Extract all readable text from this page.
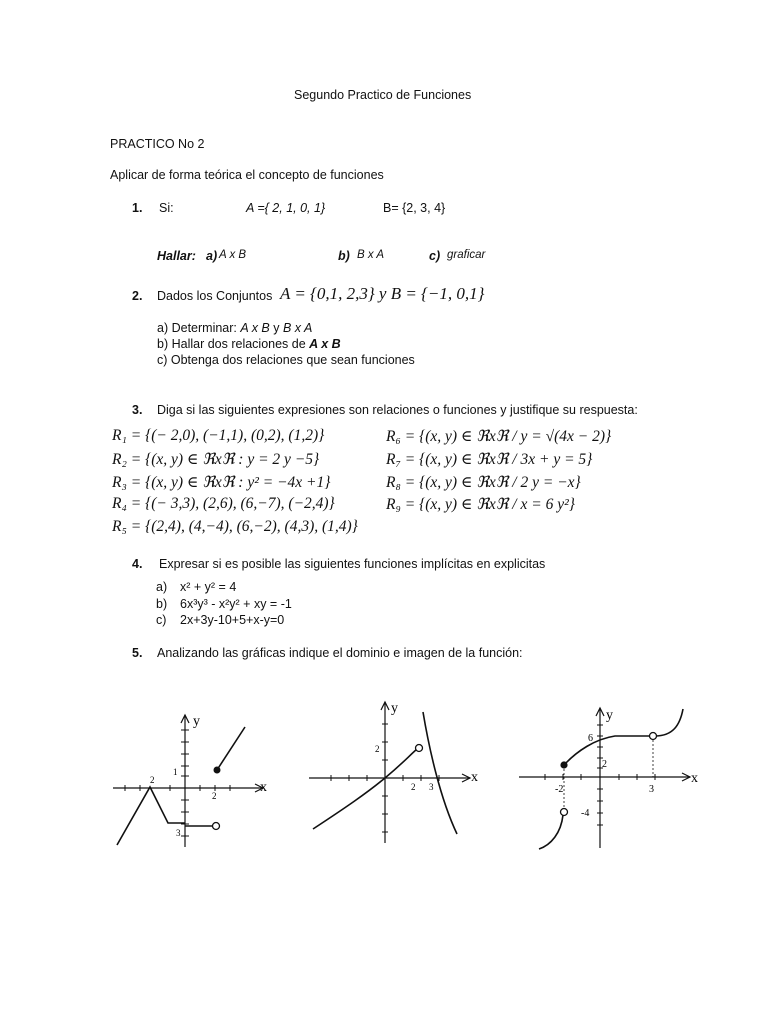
Segundo Practico de Funciones
PRACTICO No 2
Aplicar de forma teórica el concepto de funciones
1. Si:	A ={ 2, 1, 0, 1}	B= {2, 3, 4}
Hallar: a) A x B	b) B x A	c) graficar
2. Dados los Conjuntos A = {0,1, 2,3} y B = {−1, 0,1}
a) Determinar: A x B y B x A
b) Hallar dos relaciones de A x B
c) Obtenga dos relaciones que sean funciones
3. Diga si las siguientes expresiones son relaciones o funciones y justifique su respuesta:
R₁ = {(− 2,0), (−1,1), (0,2), (1,2)}
R₂ = {(x, y) ∈ ℜxℜ : y = 2 y −5}
R₃ = {(x, y) ∈ ℜxℜ : y² = −4x +1}
R₄ = {(− 3,3), (2,6), (6,−7), (−2,4)}
R₅ = {(2,4), (4,−4), (6,−2), (4,3), (1,4)}
R₆ = {(x, y) ∈ ℜxℜ / y = √(4x − 2)}
R₇ = {(x, y) ∈ ℜxℜ / 3x + y = 5}
R₈ = {(x, y) ∈ ℜxℜ / 2 y = −x}
R₉ = {(x, y) ∈ ℜxℜ / x = 6 y²}
4. Expresar si es posible las siguientes funciones implícitas en explicitas
a) x² + y² = 4
b) 6x³y³ - x²y² + xy = -1
c) 2x+3y-10+5+x-y=0
5. Analizando las gráficas indique el dominio e imagen de la función:
x
y
2
1
2
3
x
y
2
2 3
x
y
6
2
-2	3
-4
